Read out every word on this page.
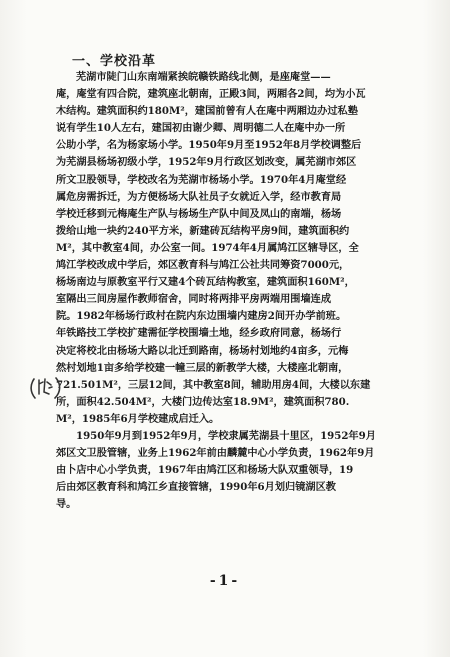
一、学校沿革
芜湖市陡门山东南端紧挨皖赣铁路线北侧，是座庵堂——
庵，庵堂有四合院，建筑座北朝南，正殿3间，两厢各2间，均为小瓦
木结构。建筑面积约180M²，建国前曾有人在庵中两厢边办过私塾
说有学生10人左右，建国初由谢少卿、周明德二人在庵中办一所
公助小学，名为杨家场小学。1950年9月至1952年8月学校调整后
为芜湖县杨场初级小学，1952年9月行政区划改变，属芜湖市郊区
所文卫股领导，学校改名为芜湖市杨场小学。1970年4月庵堂经
属危房需拆迁，为方便杨场大队社员子女就近入学，经市教育局
学校迁移到元梅庵生产队与杨场生产队中间及凤山的南端，杨场
拨给山地一块约240平方米，新建砖瓦结构平房9间，建筑面积约
M²，其中教室4间，办公室一间。1974年4月属鸠江区辖导区，全
鸠江学校改成中学后，郊区教育科与鸠江公社共同筹资7000元，
杨场南边与原教室平行又建4个砖瓦结构教室，建筑面积160M²，
室隔出三间房屋作教师宿舍，同时将两排平房两端用围墙连成
院。1982年杨场行政村在院内东边围墙内建房2间开办学前班。
年铁路技工学校扩建需征学校围墙土地，经乡政府同意，杨场行
决定将校北由杨场大路以北迁到路南，杨场村划地约4亩多，元梅
然村划地1亩多给学校建一幢三层的新教学大楼，大楼座北朝南，
721.501M²，三层12间，其中教室8间，辅助用房4间，大楼以东建
所，面积42.504M²，大楼门边传达室18.9M²，建筑面积780.
M²，1985年6月学校建成启迁入。
1950年9月到1952年9月，学校隶属芜湖县十里区，1952年9月
郊区文卫股管辖，业务上1962年前由麟麓中心小学负责，1962年9月
由卜店中心小学负责，1967年由鸠江区和杨场大队双重领导，19
后由郊区教育科和鸠江乡直接管辖，1990年6月划归镜湖区教
导。
-1-
